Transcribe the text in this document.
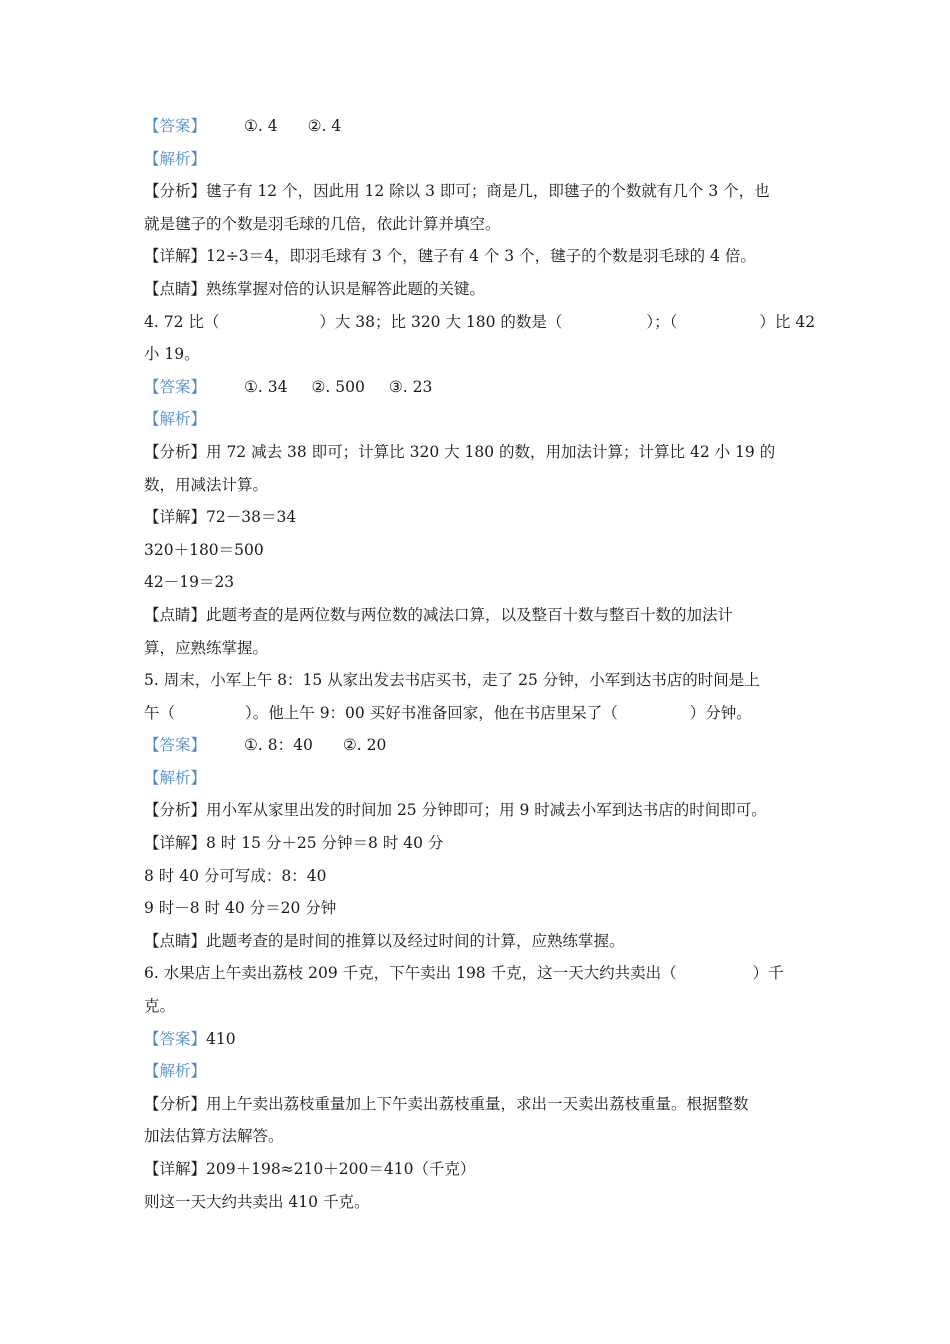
【答案】 ①. 4 ②. 4
【解析】
【分析】毽子有 12 个，因此用 12 除以 3 即可；商是几，即毽子的个数就有几个 3 个，也
就是毽子的个数是羽毛球的几倍，依此计算并填空。
【详解】12÷3＝4，即羽毛球有 3 个，毽子有 4 个 3 个，毽子的个数是羽毛球的 4 倍。
【点睛】熟练掌握对倍的认识是解答此题的关键。
4. 72 比（	）大 38；比 320 大 180 的数是（	）；（	）比 42
小 19。
【答案】 ①. 34 ②. 500 ③. 23
【解析】
【分析】用 72 减去 38 即可；计算比 320 大 180 的数，用加法计算；计算比 42 小 19 的
数，用减法计算。
【详解】72－38＝34
320＋180＝500
42－19＝23
【点睛】此题考查的是两位数与两位数的减法口算，以及整百十数与整百十数的加法计
算，应熟练掌握。
5. 周末，小军上午 8：15 从家出发去书店买书，走了 25 分钟，小军到达书店的时间是上
午（	）。他上午 9：00 买好书准备回家，他在书店里呆了（	）分钟。
【答案】 ①. 8：40 ②. 20
【解析】
【分析】用小军从家里出发的时间加 25 分钟即可；用 9 时减去小军到达书店的时间即可。
【详解】8 时 15 分＋25 分钟＝8 时 40 分
8 时 40 分可写成：8：40
9 时－8 时 40 分＝20 分钟
【点睛】此题考查的是时间的推算以及经过时间的计算，应熟练掌握。
6. 水果店上午卖出荔枝 209 千克，下午卖出 198 千克，这一天大约共卖出（	）千
克。
【答案】410
【解析】
【分析】用上午卖出荔枝重量加上下午卖出荔枝重量，求出一天卖出荔枝重量。根据整数
加法估算方法解答。
【详解】209＋198≈210＋200＝410（千克）
则这一天大约共卖出 410 千克。
